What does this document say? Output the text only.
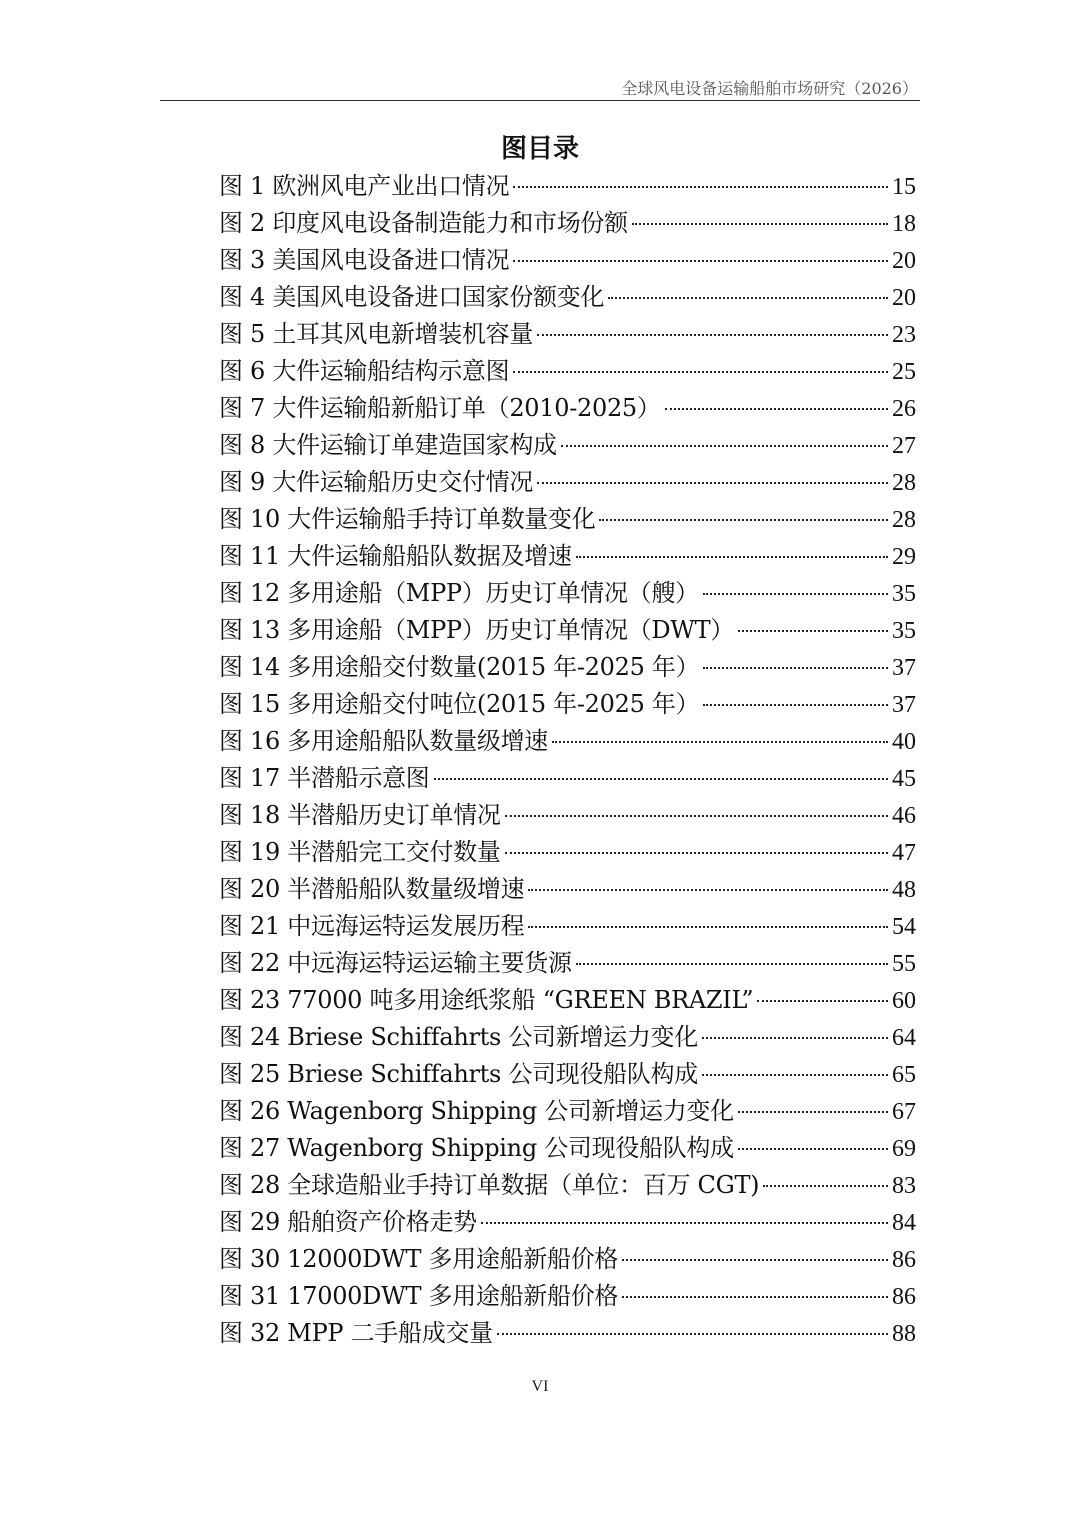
全球风电设备运输船舶市场研究（2026）
图目录
图 1 欧洲风电产业出口情况	15
图 2 印度风电设备制造能力和市场份额	18
图 3 美国风电设备进口情况	20
图 4 美国风电设备进口国家份额变化	20
图 5 土耳其风电新增装机容量	23
图 6 大件运输船结构示意图	25
图 7 大件运输船新船订单（2010-2025）	26
图 8 大件运输订单建造国家构成	27
图 9 大件运输船历史交付情况	28
图 10 大件运输船手持订单数量变化	28
图 11 大件运输船船队数据及增速	29
图 12 多用途船（MPP）历史订单情况（艘）	35
图 13 多用途船（MPP）历史订单情况（DWT）	35
图 14 多用途船交付数量(2015 年-2025 年）	37
图 15 多用途船交付吨位(2015 年-2025 年）	37
图 16 多用途船船队数量级增速	40
图 17 半潜船示意图	45
图 18 半潜船历史订单情况	46
图 19 半潜船完工交付数量	47
图 20 半潜船船队数量级增速	48
图 21 中远海运特运发展历程	54
图 22 中远海运特运运输主要货源	55
图 23 77000 吨多用途纸浆船 “GREEN BRAZIL”	60
图 24 Briese Schiffahrts 公司新增运力变化	64
图 25 Briese Schiffahrts 公司现役船队构成	65
图 26 Wagenborg Shipping 公司新增运力变化	67
图 27 Wagenborg Shipping 公司现役船队构成	69
图 28 全球造船业手持订单数据（单位：百万 CGT)	83
图 29 船舶资产价格走势	84
图 30 12000DWT 多用途船新船价格	86
图 31 17000DWT 多用途船新船价格	86
图 32 MPP 二手船成交量	88
VI
